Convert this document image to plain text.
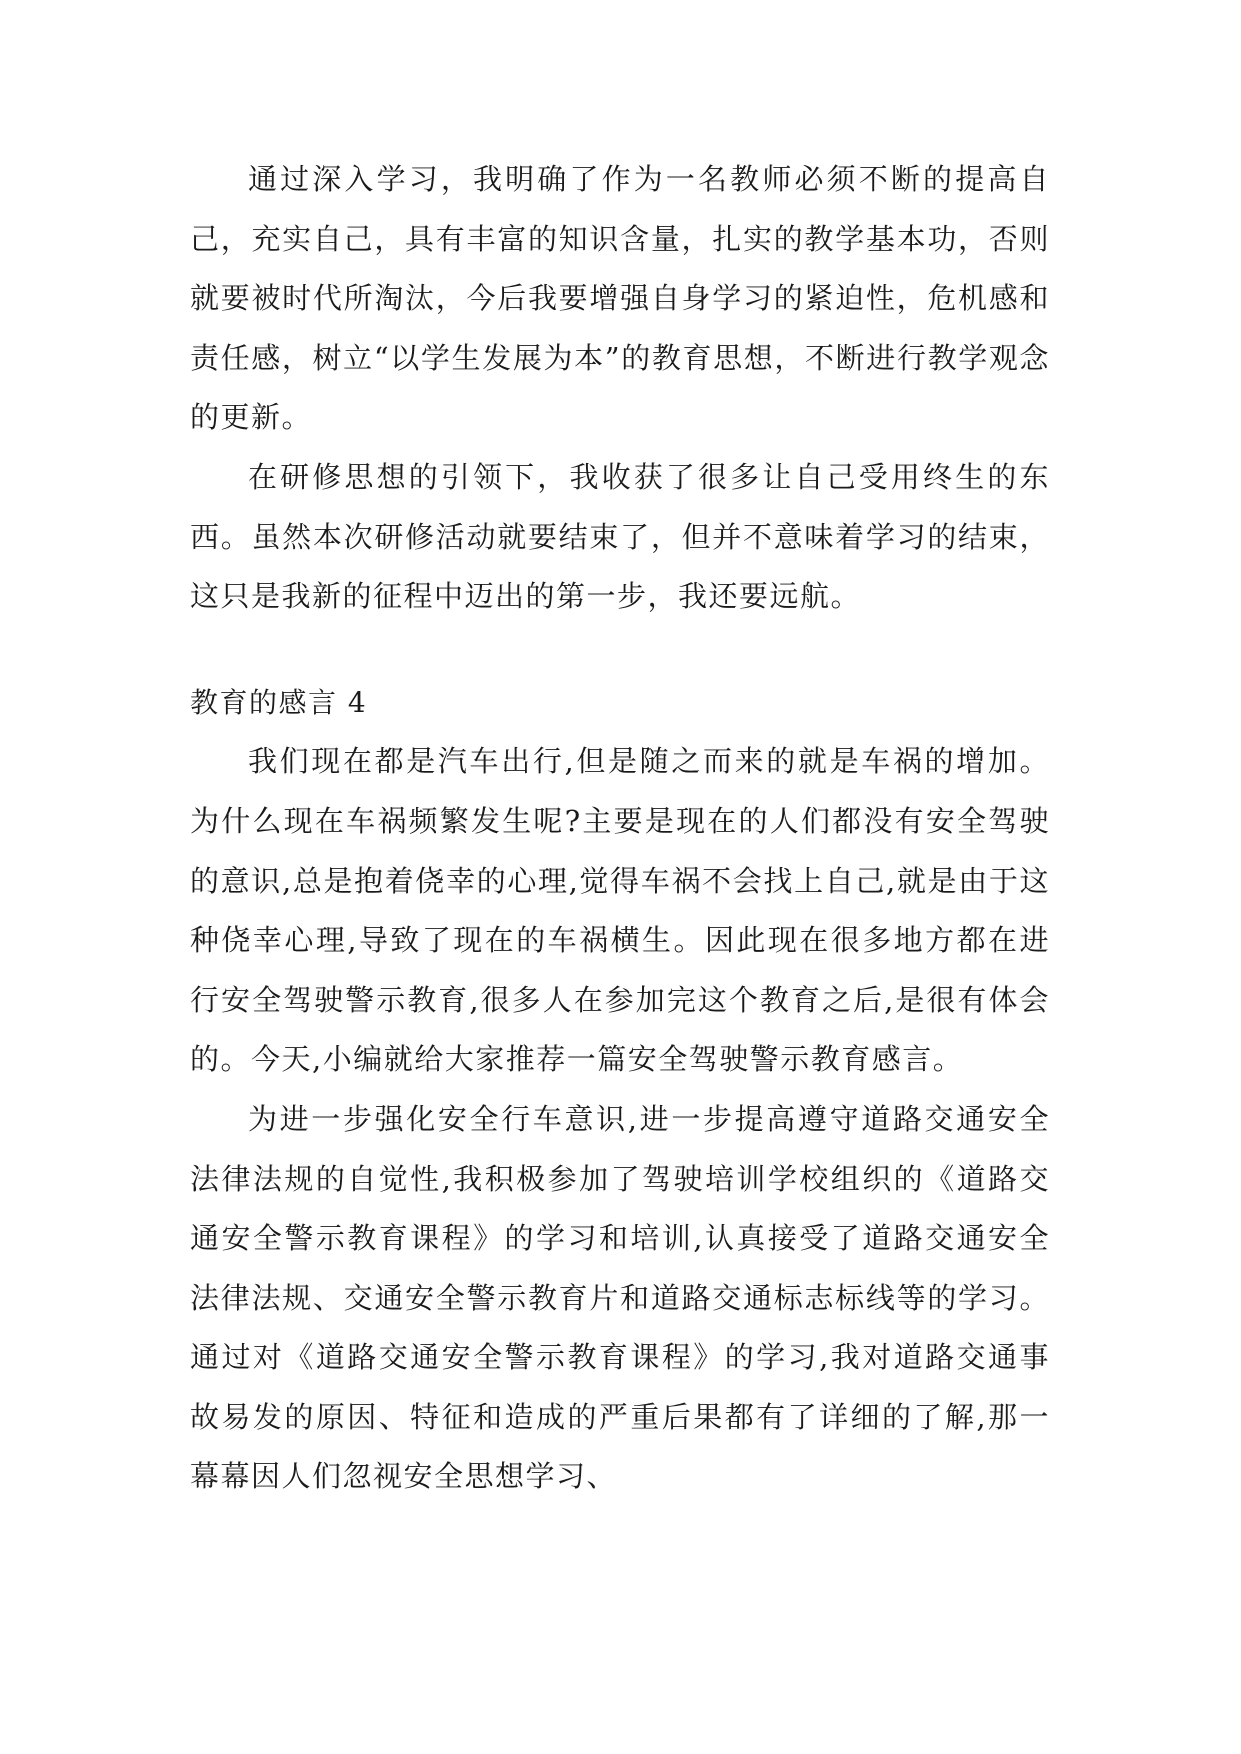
通过深入学习，我明确了作为一名教师必须不断的提高自己，充实自己，具有丰富的知识含量，扎实的教学基本功，否则就要被时代所淘汰，今后我要增强自身学习的紧迫性，危机感和责任感，树立“以学生发展为本”的教育思想，不断进行教学观念的更新。

在研修思想的引领下，我收获了很多让自己受用终生的东西。虽然本次研修活动就要结束了，但并不意味着学习的结束，这只是我新的征程中迈出的第一步，我还要远航。

教育的感言 4

我们现在都是汽车出行,但是随之而来的就是车祸的增加。为什么现在车祸频繁发生呢?主要是现在的人们都没有安全驾驶的意识,总是抱着侥幸的心理,觉得车祸不会找上自己,就是由于这种侥幸心理,导致了现在的车祸横生。因此现在很多地方都在进行安全驾驶警示教育,很多人在参加完这个教育之后,是很有体会的。今天,小编就给大家推荐一篇安全驾驶警示教育感言。

为进一步强化安全行车意识,进一步提高遵守道路交通安全法律法规的自觉性,我积极参加了驾驶培训学校组织的《道路交通安全警示教育课程》的学习和培训,认真接受了道路交通安全法律法规、交通安全警示教育片和道路交通标志标线等的学习。通过对《道路交通安全警示教育课程》的学习,我对道路交通事故易发的原因、特征和造成的严重后果都有了详细的了解,那一幕幕因人们忽视安全思想学习、
